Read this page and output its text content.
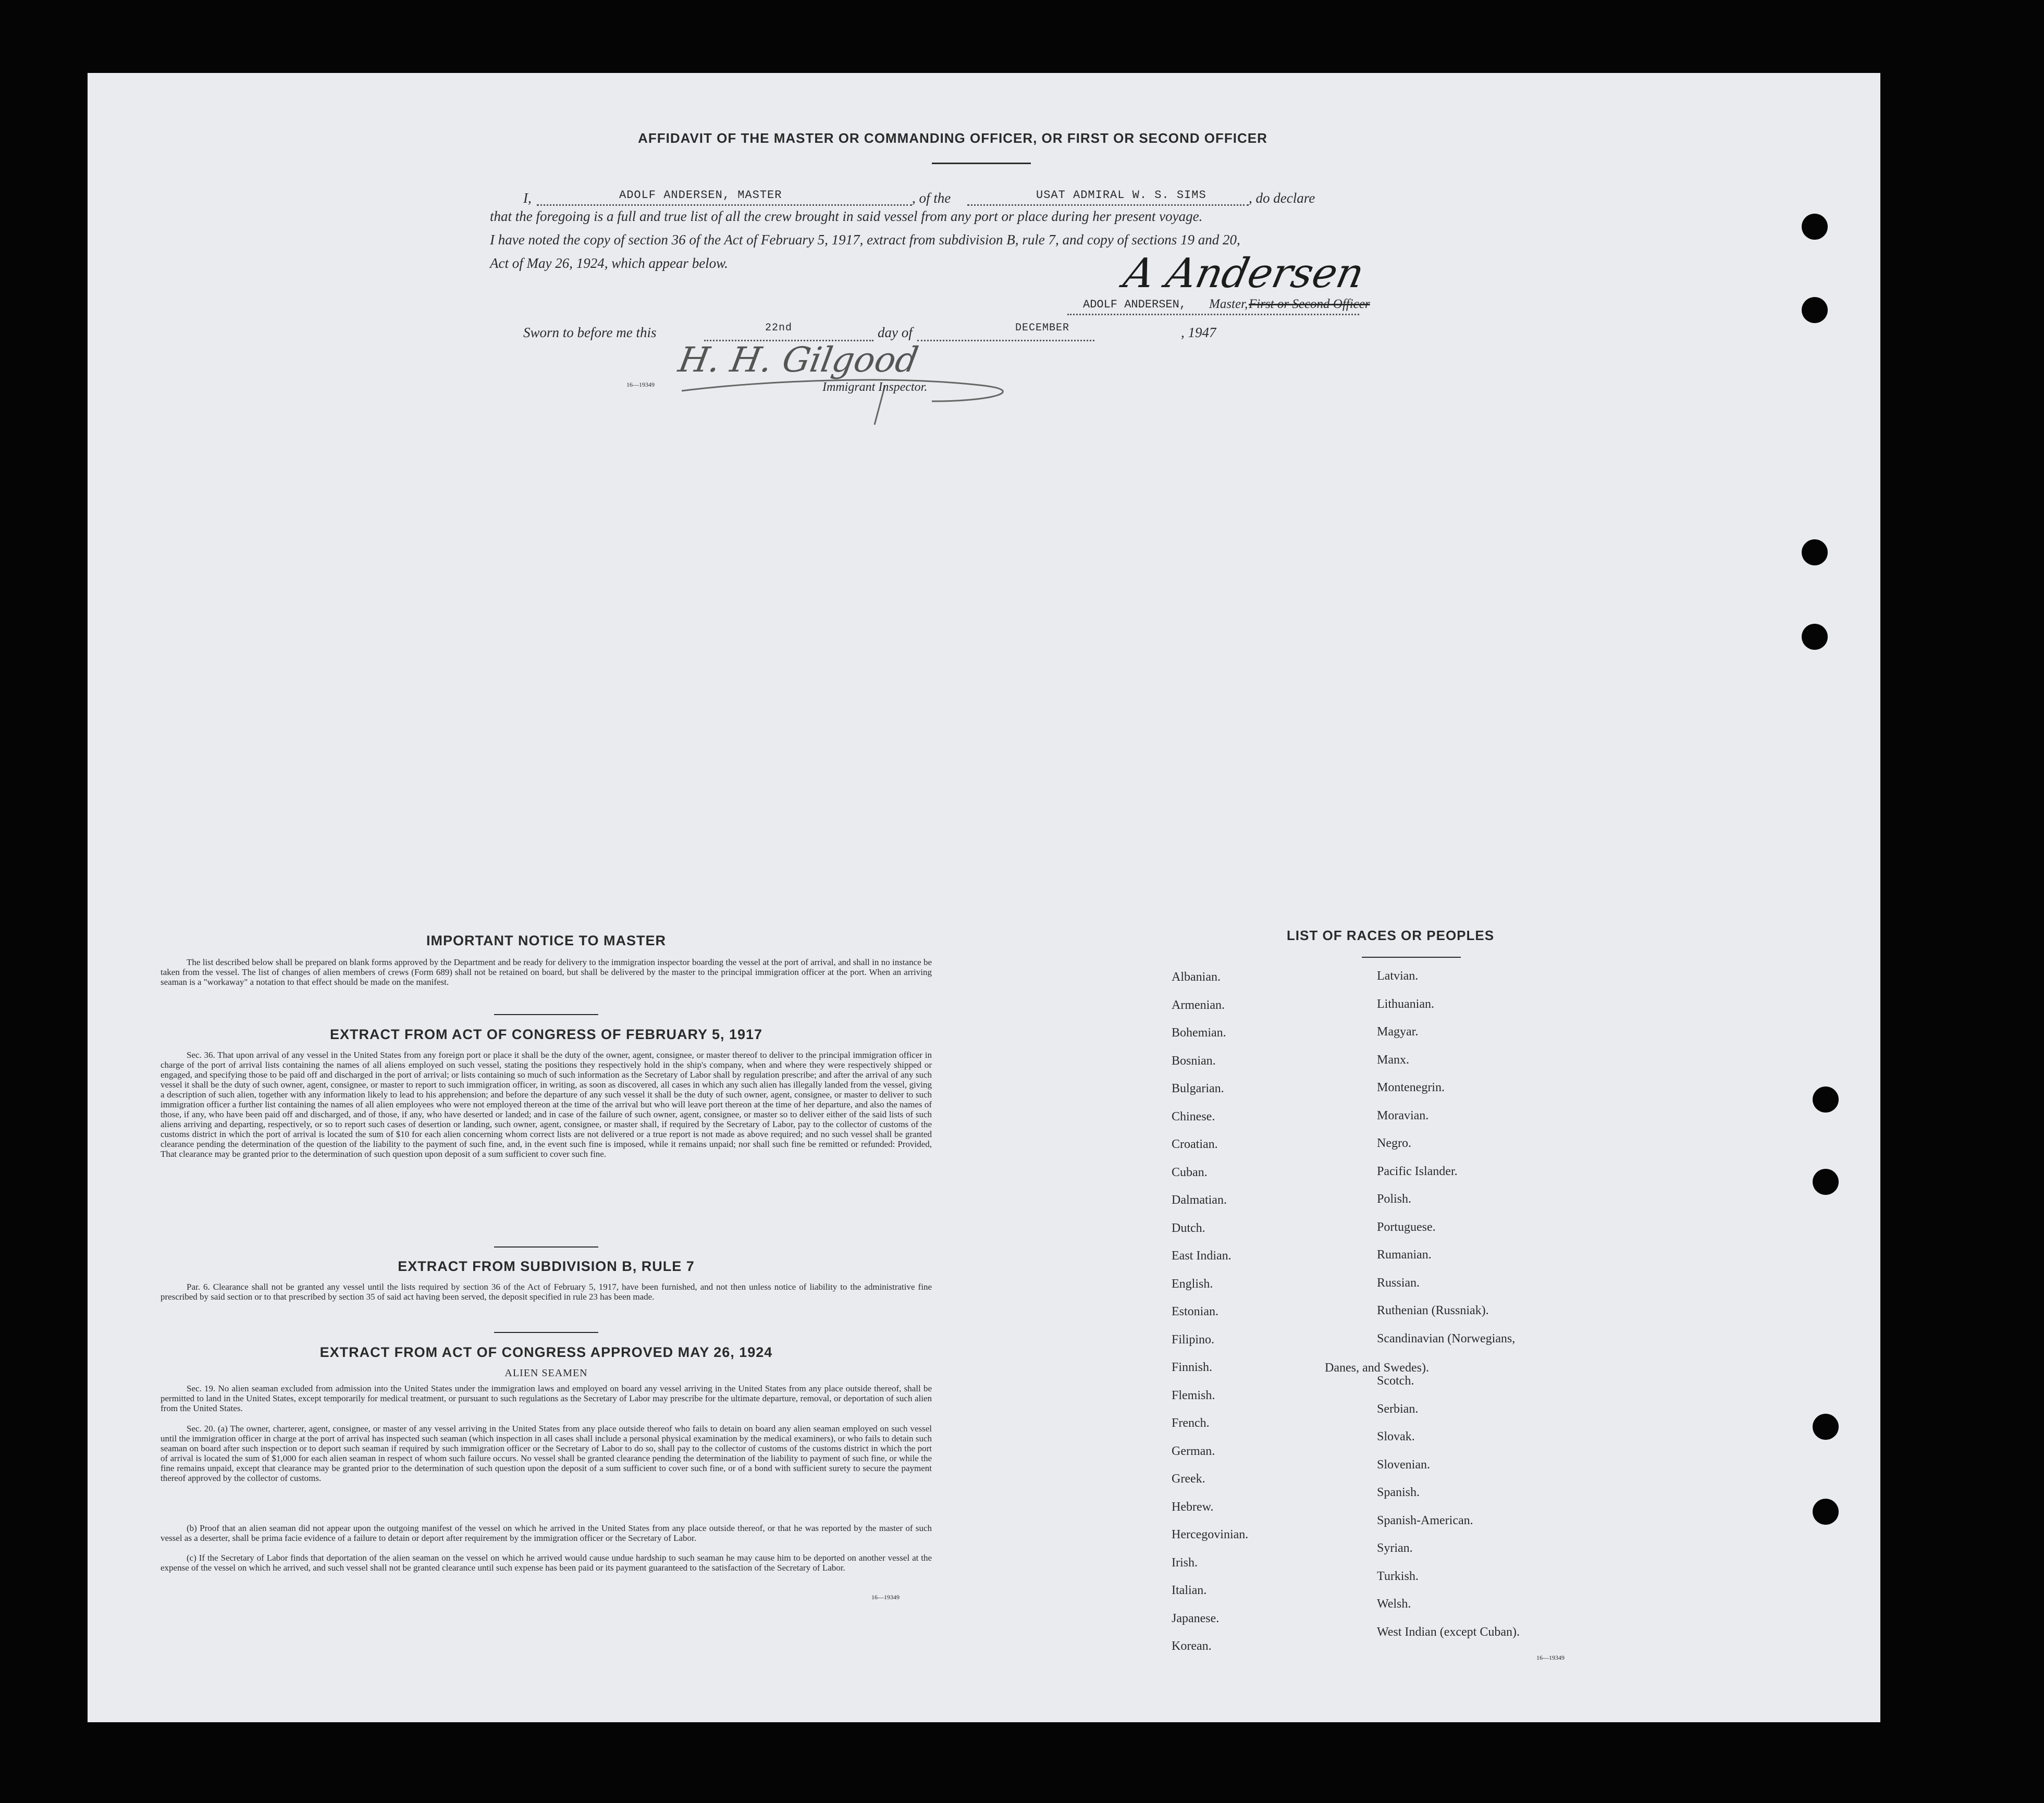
AFFIDAVIT OF THE MASTER OR COMMANDING OFFICER, OR FIRST OR SECOND OFFICER
I,	ADOLF ANDERSEN, MASTER	, of the	USAT ADMIRAL W. S. SIMS	, do declare
that the foregoing is a full and true list of all the crew brought in said vessel from any port or place during her present voyage.
I have noted the copy of section 36 of the Act of February 5, 1917, extract from subdivision B, rule 7, and copy of sections 19 and 20,
Act of May 26, 1924, which appear below.	A Andersen
ADOLF ANDERSEN, Master, First or Second Officer
Sworn to before me this	22nd	day of	DECEMBER	, 1947
H. H. Gilgood
16—19349	Immigrant Inspector.
IMPORTANT NOTICE TO MASTER

The list described below shall be prepared on blank forms approved by the Department and be ready for delivery to the immigration inspector boarding the vessel at the port of arrival, and shall in no instance be taken from the vessel. The list of changes of alien members of crews (Form 689) shall not be retained on board, but shall be delivered by the master to the principal immigration officer at the port. When an arriving seaman is a "workaway" a notation to that effect should be made on the manifest.

EXTRACT FROM ACT OF CONGRESS OF FEBRUARY 5, 1917

Sec. 36. That upon arrival of any vessel in the United States from any foreign port or place it shall be the duty of the owner, agent, consignee, or master thereof to deliver to the principal immigration officer in charge of the port of arrival lists containing the names of all aliens employed on such vessel, stating the positions they respectively hold in the ship's company, when and where they were respectively shipped or engaged, and specifying those to be paid off and discharged in the port of arrival; or lists containing so much of such information as the Secretary of Labor shall by regulation prescribe; and after the arrival of any such vessel it shall be the duty of such owner, agent, consignee, or master to report to such immigration officer, in writing, as soon as discovered, all cases in which any such alien has illegally landed from the vessel, giving a description of such alien, together with any information likely to lead to his apprehension; and before the departure of any such vessel it shall be the duty of such owner, agent, consignee, or master to deliver to such immigration officer a further list containing the names of all alien employees who were not employed thereon at the time of the arrival but who will leave port thereon at the time of her departure, and also the names of those, if any, who have been paid off and discharged, and of those, if any, who have deserted or landed; and in case of the failure of such owner, agent, consignee, or master so to deliver either of the said lists of such aliens arriving and departing, respectively, or so to report such cases of desertion or landing, such owner, agent, consignee, or master shall, if required by the Secretary of Labor, pay to the collector of customs of the customs district in which the port of arrival is located the sum of $10 for each alien concerning whom correct lists are not delivered or a true report is not made as above required; and no such vessel shall be granted clearance pending the determination of the question of the liability to the payment of such fine, and, in the event such fine is imposed, while it remains unpaid; nor shall such fine be remitted or refunded: Provided, That clearance may be granted prior to the determination of such question upon deposit of a sum sufficient to cover such fine.

EXTRACT FROM SUBDIVISION B, RULE 7

Par. 6. Clearance shall not be granted any vessel until the lists required by section 36 of the Act of February 5, 1917, have been furnished, and not then unless notice of liability to the administrative fine prescribed by said section or to that prescribed by section 35 of said act having been served, the deposit specified in rule 23 has been made.

EXTRACT FROM ACT OF CONGRESS APPROVED MAY 26, 1924
ALIEN SEAMEN

Sec. 19. No alien seaman excluded from admission into the United States under the immigration laws and employed on board any vessel arriving in the United States from any place outside thereof, shall be permitted to land in the United States, except temporarily for medical treatment, or pursuant to such regulations as the Secretary of Labor may prescribe for the ultimate departure, removal, or deportation of such alien from the United States.

Sec. 20. (a) The owner, charterer, agent, consignee, or master of any vessel arriving in the United States from any place outside thereof who fails to detain on board any alien seaman employed on such vessel until the immigration officer in charge at the port of arrival has inspected such seaman (which inspection in all cases shall include a personal physical examination by the medical examiners), or who fails to detain such seaman on board after such inspection or to deport such seaman if required by such immigration officer or the Secretary of Labor to do so, shall pay to the collector of customs of the customs district in which the port of arrival is located the sum of $1,000 for each alien seaman in respect of whom such failure occurs. No vessel shall be granted clearance pending the determination of the liability to payment of such fine, or while the fine remains unpaid, except that clearance may be granted prior to the determination of such question upon the deposit of a sum sufficient to cover such fine, or of a bond with sufficient surety to secure the payment thereof approved by the collector of customs.

(b) Proof that an alien seaman did not appear upon the outgoing manifest of the vessel on which he arrived in the United States from any place outside thereof, or that he was reported by the master of such vessel as a deserter, shall be prima facie evidence of a failure to detain or deport after requirement by the immigration officer or the Secretary of Labor.

(c) If the Secretary of Labor finds that deportation of the alien seaman on the vessel on which he arrived would cause undue hardship to such seaman he may cause him to be deported on another vessel at the expense of the vessel on which he arrived, and such vessel shall not be granted clearance until such expense has been paid or its payment guaranteed to the satisfaction of the Secretary of Labor.

16—19349
LIST OF RACES OR PEOPLES
Albanian.
Armenian.
Bohemian.
Bosnian.
Bulgarian.
Chinese.
Croatian.
Cuban.
Dalmatian.
Dutch.
East Indian.
English.
Estonian.
Filipino.
Finnish.
Flemish.
French.
German.
Greek.
Hebrew.
Hercegovinian.
Irish.
Italian.
Japanese.
Korean.
Latvian.
Lithuanian.
Magyar.
Manx.
Montenegrin.
Moravian.
Negro.
Pacific Islander.
Polish.
Portuguese.
Rumanian.
Russian.
Ruthenian (Russniak).
Scandinavian (Norwegians,
Danes, and Swedes).
Scotch.
Serbian.
Slovak.
Slovenian.
Spanish.
Spanish-American.
Syrian.
Turkish.
Welsh.
West Indian (except Cuban).
16—19349
